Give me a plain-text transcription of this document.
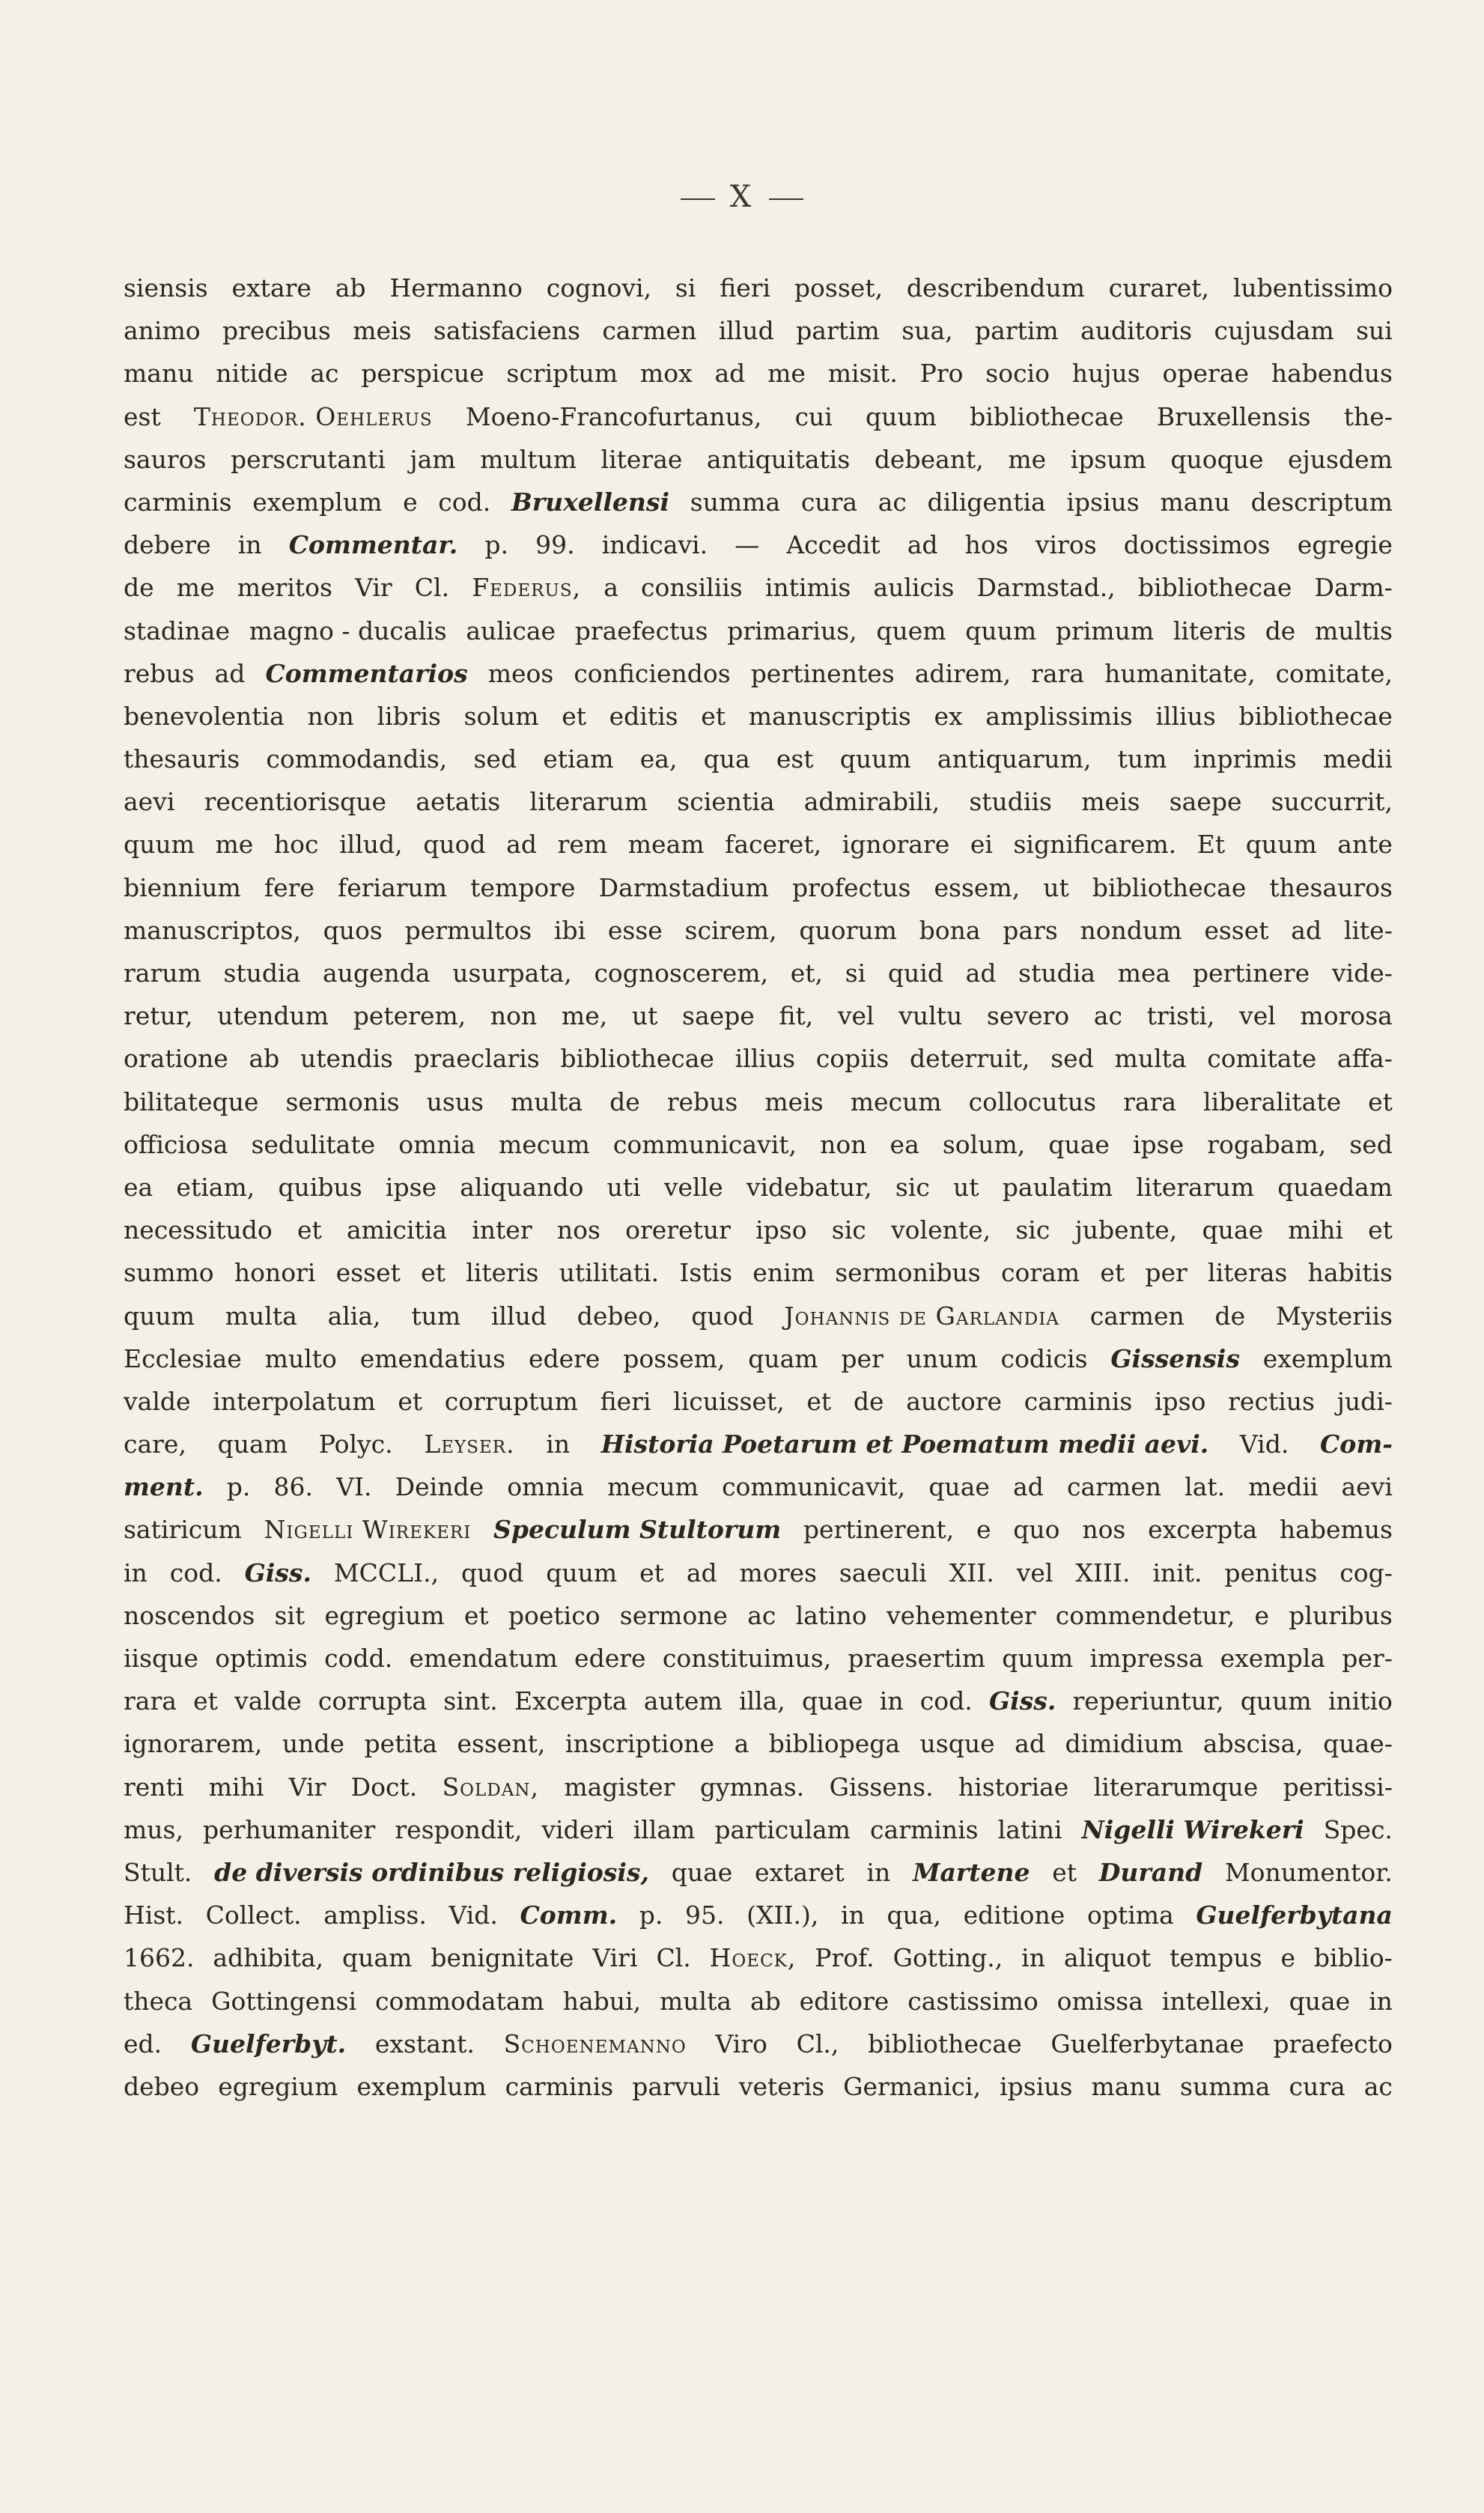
X
siensis extare ab Hermanno cognovi, si fieri posset, describendum curaret, lubentissimo
animo precibus meis satisfaciens carmen illud partim sua, partim auditoris cujusdam sui
manu nitide ac perspicue scriptum mox ad me misit. Pro socio hujus operae habendus
est Theodor. Oehlerus Moeno-Francofurtanus, cui quum bibliothecae Bruxellensis the-
sauros perscrutanti jam multum literae antiquitatis debeant, me ipsum quoque ejusdem
carminis exemplum e cod. Bruxellensi summa cura ac diligentia ipsius manu descriptum
debere in Commentar. p. 99. indicavi. — Accedit ad hos viros doctissimos egregie
de me meritos Vir Cl. Federus, a consiliis intimis aulicis Darmstad., bibliothecae Darm-
stadinae magno - ducalis aulicae praefectus primarius, quem quum primum literis de multis
rebus ad Commentarios meos conficiendos pertinentes adirem, rara humanitate, comitate,
benevolentia non libris solum et editis et manuscriptis ex amplissimis illius bibliothecae
thesauris commodandis, sed etiam ea, qua est quum antiquarum, tum inprimis medii
aevi recentiorisque aetatis literarum scientia admirabili, studiis meis saepe succurrit,
quum me hoc illud, quod ad rem meam faceret, ignorare ei significarem. Et quum ante
biennium fere feriarum tempore Darmstadium profectus essem, ut bibliothecae thesauros
manuscriptos, quos permultos ibi esse scirem, quorum bona pars nondum esset ad lite-
rarum studia augenda usurpata, cognoscerem, et, si quid ad studia mea pertinere vide-
retur, utendum peterem, non me, ut saepe fit, vel vultu severo ac tristi, vel morosa
oratione ab utendis praeclaris bibliothecae illius copiis deterruit, sed multa comitate affa-
bilitateque sermonis usus multa de rebus meis mecum collocutus rara liberalitate et
officiosa sedulitate omnia mecum communicavit, non ea solum, quae ipse rogabam, sed
ea etiam, quibus ipse aliquando uti velle videbatur, sic ut paulatim literarum quaedam
necessitudo et amicitia inter nos oreretur ipso sic volente, sic jubente, quae mihi et
summo honori esset et literis utilitati. Istis enim sermonibus coram et per literas habitis
quum multa alia, tum illud debeo, quod Johannis de Garlandia carmen de Mysteriis
Ecclesiae multo emendatius edere possem, quam per unum codicis Gissensis exemplum
valde interpolatum et corruptum fieri licuisset, et de auctore carminis ipso rectius judi-
care, quam Polyc. Leyser. in Historia Poetarum et Poematum medii aevi. Vid. Com-
ment. p. 86. VI. Deinde omnia mecum communicavit, quae ad carmen lat. medii aevi
satiricum Nigelli Wirekeri Speculum Stultorum pertinerent, e quo nos excerpta habemus
in cod. Giss. MCCLI., quod quum et ad mores saeculi XII. vel XIII. init. penitus cog-
noscendos sit egregium et poetico sermone ac latino vehementer commendetur, e pluribus
iisque optimis codd. emendatum edere constituimus, praesertim quum impressa exempla per-
rara et valde corrupta sint. Excerpta autem illa, quae in cod. Giss. reperiuntur, quum initio
ignorarem, unde petita essent, inscriptione a bibliopega usque ad dimidium abscisa, quae-
renti mihi Vir Doct. Soldan, magister gymnas. Gissens. historiae literarumque peritissi-
mus, perhumaniter respondit, videri illam particulam carminis latini Nigelli Wirekeri Spec.
Stult. de diversis ordinibus religiosis, quae extaret in Martene et Durand Monumentor.
Hist. Collect. ampliss. Vid. Comm. p. 95. (XII.), in qua, editione optima Guelferbytana
1662. adhibita, quam benignitate Viri Cl. Hoeck, Prof. Gotting., in aliquot tempus e biblio-
theca Gottingensi commodatam habui, multa ab editore castissimo omissa intellexi, quae in
ed. Guelferbyt. exstant. Schoenemanno Viro Cl., bibliothecae Guelferbytanae praefecto
debeo egregium exemplum carminis parvuli veteris Germanici, ipsius manu summa cura ac
